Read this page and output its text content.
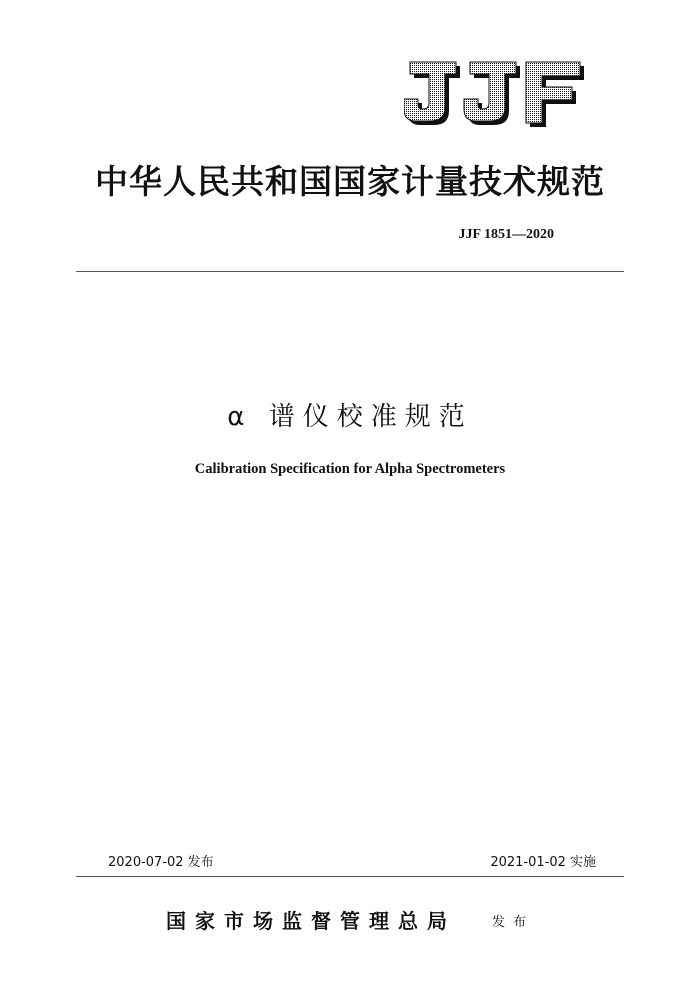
中华人民共和国国家计量技术规范
JJF 1851—2020
α 谱仪校准规范
Calibration Specification for Alpha Spectrometers
2020-07-02 发布	2021-01-02 实施
国家市场监督管理总局	发布
